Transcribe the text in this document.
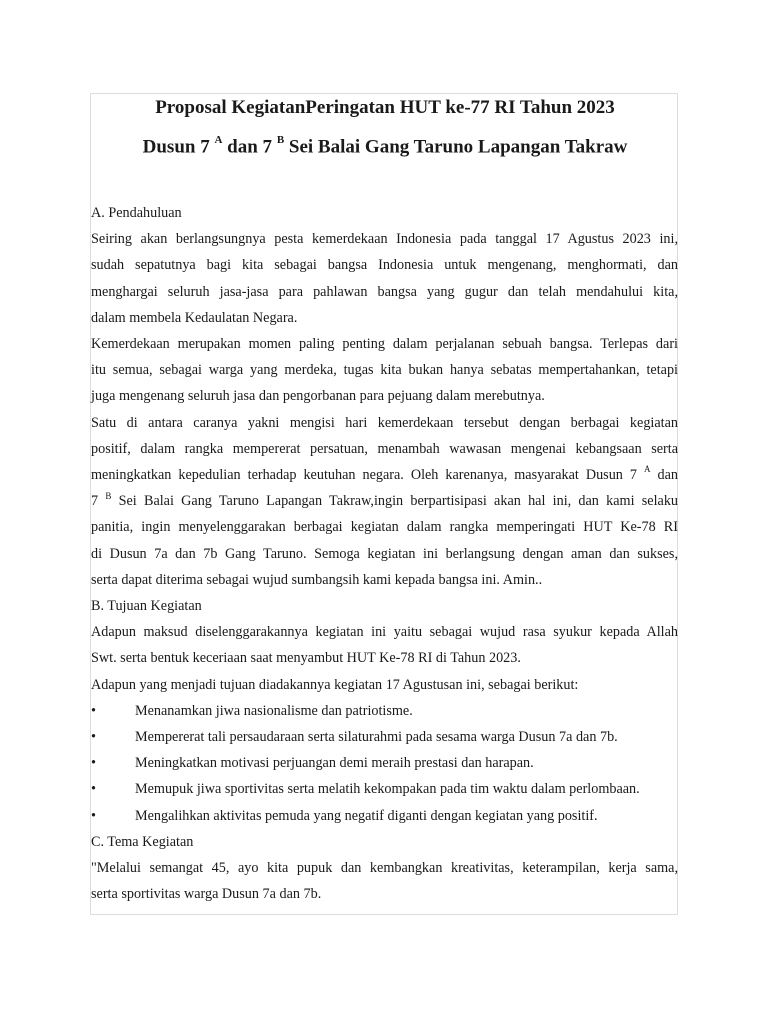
Proposal KegiatanPeringatan HUT ke-77 RI Tahun 2023
Dusun 7 $^A$ dan 7 $^B$ Sei Balai Gang Taruno Lapangan Takraw

A. Pendahuluan

Seiring akan berlangsungnya pesta kemerdekaan Indonesia pada tanggal 17 Agustus 2023 ini,
sudah sepatutnya bagi kita sebagai bangsa Indonesia untuk mengenang, menghormati, dan
menghargai seluruh jasa-jasa para pahlawan bangsa yang gugur dan telah mendahului kita,
dalam membela Kedaulatan Negara.

Kemerdekaan merupakan momen paling penting dalam perjalanan sebuah bangsa. Terlepas dari
itu semua, sebagai warga yang merdeka, tugas kita bukan hanya sebatas mempertahankan, tetapi
juga mengenang seluruh jasa dan pengorbanan para pejuang dalam merebutnya.

Satu di antara caranya yakni mengisi hari kemerdekaan tersebut dengan berbagai kegiatan
positif, dalam rangka mempererat persatuan, menambah wawasan mengenai kebangsaan serta
meningkatkan kepedulian terhadap keutuhan negara. Oleh karenanya, masyarakat Dusun 7 $^A$ dan
7 $^B$ Sei Balai Gang Taruno Lapangan Takraw,ingin berpartisipasi akan hal ini, dan kami selaku
panitia, ingin menyelenggarakan berbagai kegiatan dalam rangka memperingati HUT Ke-78 RI
di Dusun 7a dan 7b Gang Taruno. Semoga kegiatan ini berlangsung dengan aman dan sukses,
serta dapat diterima sebagai wujud sumbangsih kami kepada bangsa ini. Amin..

B. Tujuan Kegiatan

Adapun maksud diselenggarakannya kegiatan ini yaitu sebagai wujud rasa syukur kepada Allah
Swt. serta bentuk keceriaan saat menyambut HUT Ke-78 RI di Tahun 2023.

Adapun yang menjadi tujuan diadakannya kegiatan 17 Agustusan ini, sebagai berikut:

•	Menanamkan jiwa nasionalisme dan patriotisme.

•	Mempererat tali persaudaraan serta silaturahmi pada sesama warga Dusun 7a dan 7b.

•	Meningkatkan motivasi perjuangan demi meraih prestasi dan harapan.

•	Memupuk jiwa sportivitas serta melatih kekompakan pada tim waktu dalam perlombaan.

•	Mengalihkan aktivitas pemuda yang negatif diganti dengan kegiatan yang positif.

C. Tema Kegiatan

"Melalui semangat 45, ayo kita pupuk dan kembangkan kreativitas, keterampilan, kerja sama,
serta sportivitas warga Dusun 7a dan 7b.
